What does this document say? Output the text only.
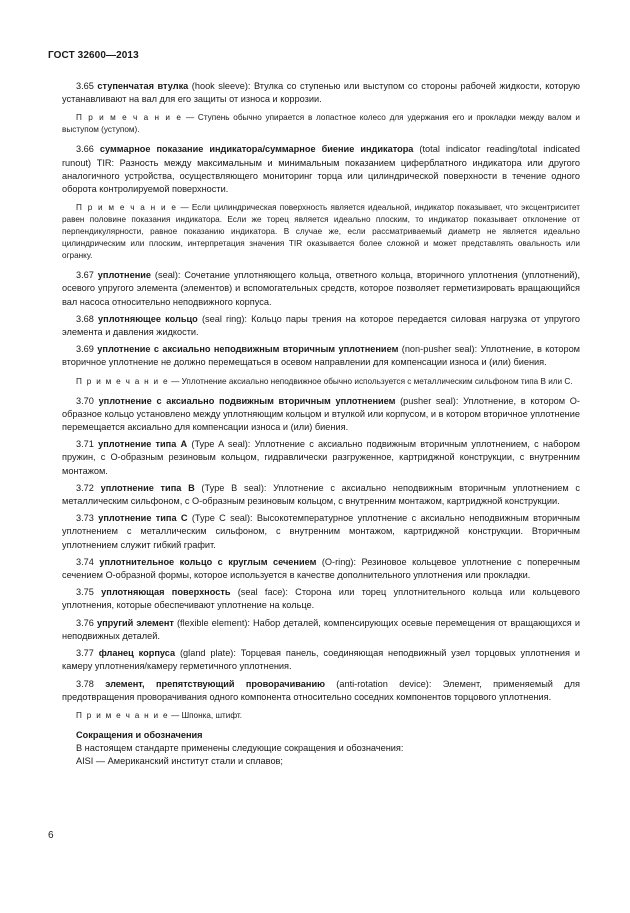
ГОСТ 32600—2013

3.65 ступенчатая втулка (hook sleeve): Втулка со ступенью или выступом со стороны рабочей жидкости, которую устанавливают на вал для его защиты от износа и коррозии.

П р и м е ч а н и е — Ступень обычно упирается в лопастное колесо для удержания его и прокладки между валом и выступом (уступом).

3.66 суммарное показание индикатора/суммарное биение индикатора (total indicator reading/total indicated runout) TIR: Разность между максимальным и минимальным показанием циферблатного индикатора или другого аналогичного устройства, осуществляющего мониторинг торца или цилиндрической поверхности в течение одного оборота контролируемой поверхности.

П р и м е ч а н и е — Если цилиндрическая поверхность является идеальной, индикатор показывает, что эксцентриситет равен половине показания индикатора. Если же торец является идеально плоским, то индикатор показывает отклонение от перпендикулярности, равное показанию индикатора. В случае же, если рассматриваемый диаметр не является идеально цилиндрическим или плоским, интерпретация значения TIR оказывается более сложной и может представлять овальность или огранку.

3.67 уплотнение (seal): Сочетание уплотняющего кольца, ответного кольца, вторичного уплотнения (уплотнений), осевого упругого элемента (элементов) и вспомогательных средств, которое позволяет герметизировать вращающийся вал насоса относительно неподвижного корпуса.

3.68 уплотняющее кольцо (seal ring): Кольцо пары трения на которое передается силовая нагрузка от упругого элемента и давления жидкости.

3.69 уплотнение с аксиально неподвижным вторичным уплотнением (non-pusher seal): Уплотнение, в котором вторичное уплотнение не должно перемещаться в осевом направлении для компенсации износа и (или) биения.

П р и м е ч а н и е — Уплотнение аксиально неподвижное обычно используется с металлическим сильфоном типа В или С.

3.70 уплотнение с аксиально подвижным вторичным уплотнением (pusher seal): Уплотнение, в котором О-образное кольцо установлено между уплотняющим кольцом и втулкой или корпусом, и в котором вторичное уплотнение перемещается аксиально для компенсации износа и (или) биения.

3.71 уплотнение типа А (Type A seal): Уплотнение с аксиально подвижным вторичным уплотнением, с набором пружин, с О-образным резиновым кольцом, гидравлически разгруженное, картриджной конструкции, с внутренним монтажом.

3.72 уплотнение типа В (Type B seal): Уплотнение с аксиально неподвижным вторичным уплотнением с металлическим сильфоном, с О-образным резиновым кольцом, с внутренним монтажом, картриджной конструкции.

3.73 уплотнение типа С (Type C seal): Высокотемпературное уплотнение с аксиально неподвижным вторичным уплотнением с металлическим сильфоном, с внутренним монтажом, картриджной конструкции. Вторичным уплотнением служит гибкий графит.

3.74 уплотнительное кольцо с круглым сечением (O-ring): Резиновое кольцевое уплотнение с поперечным сечением О-образной формы, которое используется в качестве дополнительного уплотнения или прокладки.

3.75 уплотняющая поверхность (seal face): Сторона или торец уплотнительного кольца или кольцевого уплотнения, которые обеспечивают уплотнение на кольце.

3.76 упругий элемент (flexible element): Набор деталей, компенсирующих осевые перемещения от вращающихся и неподвижных деталей.

3.77 фланец корпуса (gland plate): Торцевая панель, соединяющая неподвижный узел торцовых уплотнения и камеру уплотнения/камеру герметичного уплотнения.

3.78 элемент, препятствующий проворачиванию (anti-rotation device): Элемент, применяемый для предотвращения проворачивания одного компонента относительно соседних компонентов торцового уплотнения.

П р и м е ч а н и е — Шпонка, штифт.

Сокращения и обозначения

В настоящем стандарте применены следующие сокращения и обозначения:

AISI — Американский институт стали и сплавов;

6
